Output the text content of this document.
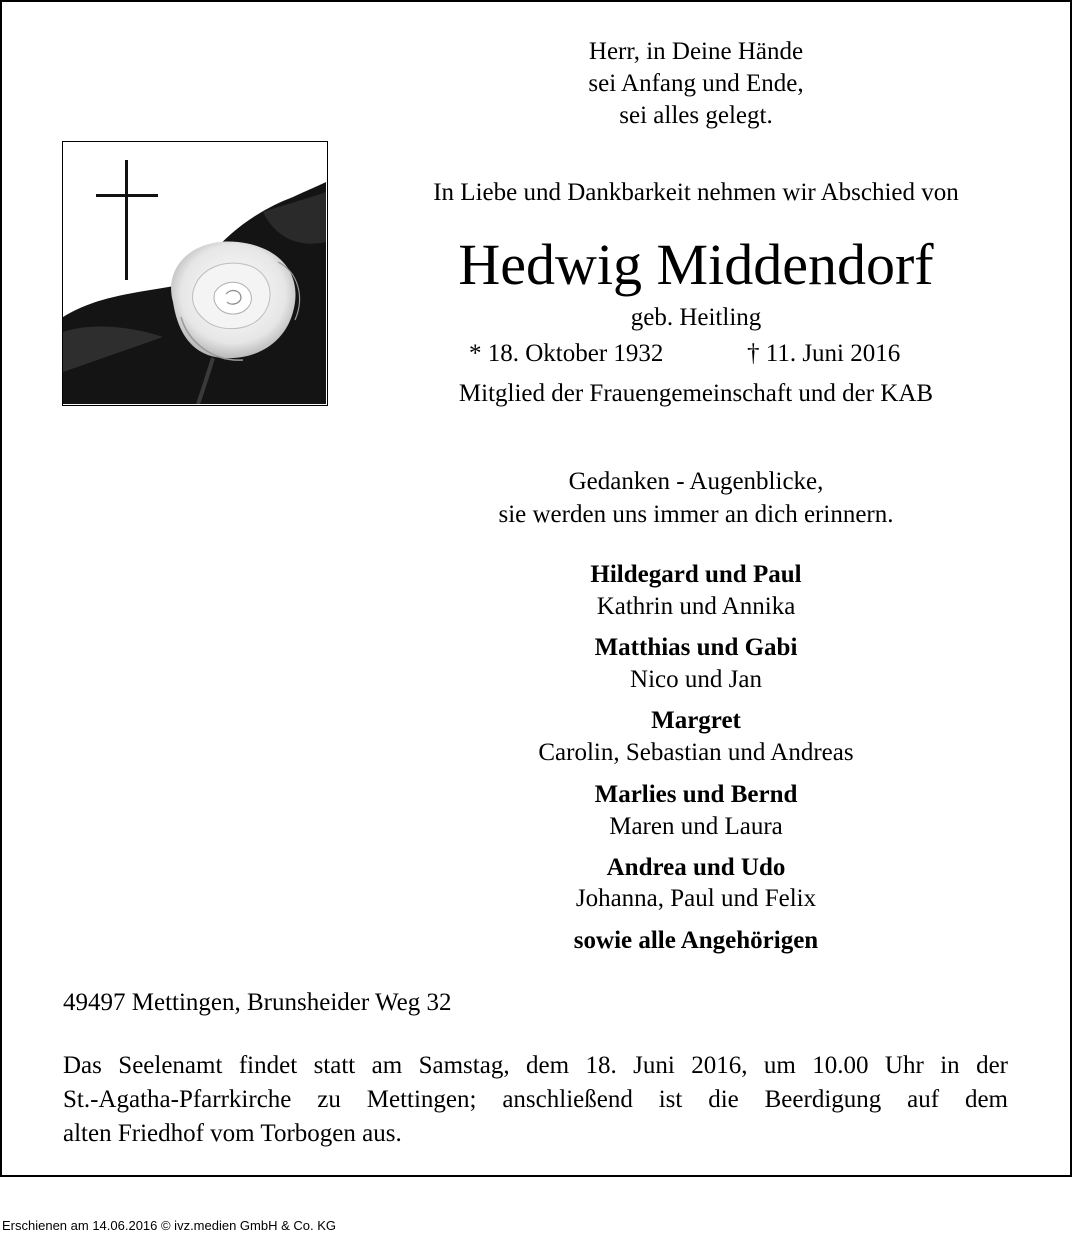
Herr, in Deine Hände
sei Anfang und Ende,
sei alles gelegt.
In Liebe und Dankbarkeit nehmen wir Abschied von
Hedwig Middendorf
geb. Heitling
* 18. Oktober 1932	† 11. Juni 2016
Mitglied der Frauengemeinschaft und der KAB
Gedanken - Augenblicke,
sie werden uns immer an dich erinnern.
Hildegard und Paul
Kathrin und Annika
Matthias und Gabi
Nico und Jan
Margret
Carolin, Sebastian und Andreas
Marlies und Bernd
Maren und Laura
Andrea und Udo
Johanna, Paul und Felix
sowie alle Angehörigen
49497 Mettingen, Brunsheider Weg 32
Das Seelenamt findet statt am Samstag, dem 18. Juni 2016, um 10.00 Uhr in der
St.-Agatha-Pfarrkirche zu Mettingen; anschließend ist die Beerdigung auf dem
alten Friedhof vom Torbogen aus.
Erschienen am 14.06.2016 © ivz.medien GmbH & Co. KG
